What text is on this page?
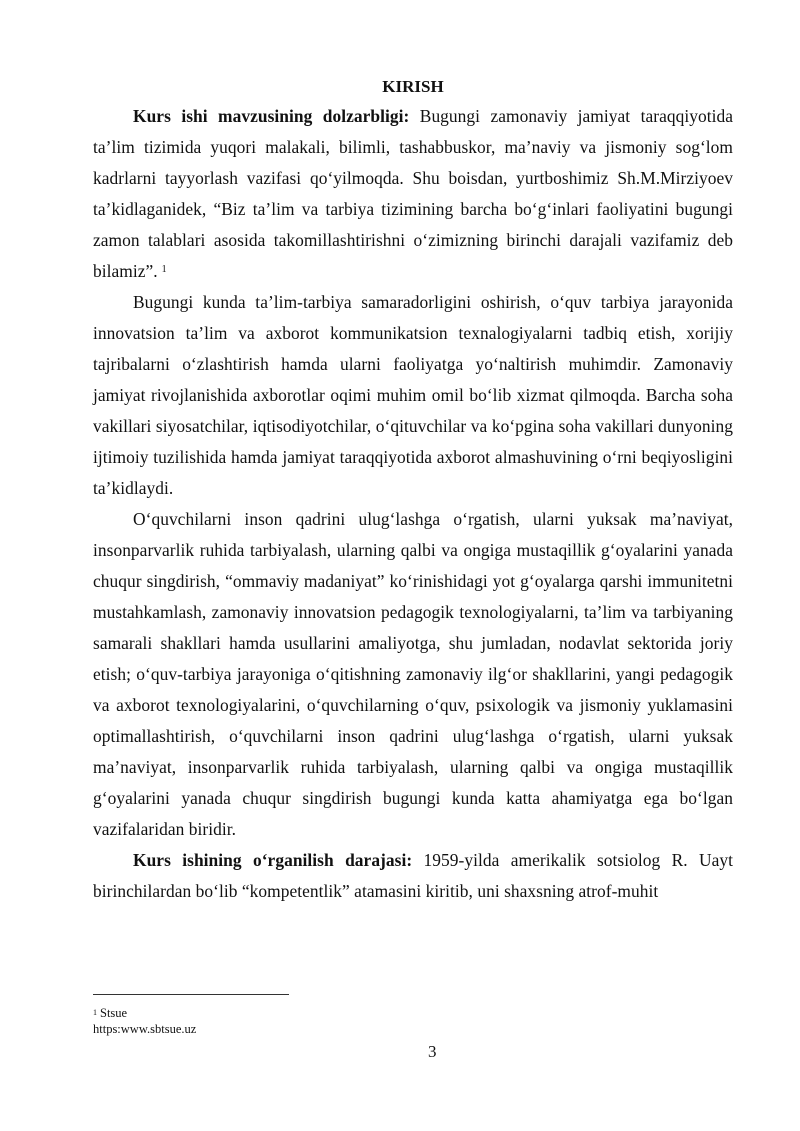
KIRISH

Kurs ishi mavzusining dolzarbligi: Bugungi zamonaviy jamiyat taraqqiyotida ta’lim tizimida yuqori malakali, bilimli, tashabbuskor, ma’naviy va jismoniy sog‘lom kadrlarni tayyorlash vazifasi qo‘yilmoqda. Shu boisdan, yurtboshimiz Sh.M.Mirziyoev ta’kidlaganidek, “Biz ta’lim va tarbiya tizimining barcha bo‘g‘inlari faoliyatini bugungi zamon talablari asosida takomillashtirishni o‘zimizning birinchi darajali vazifamiz deb bilamiz”. $^1$

Bugungi kunda ta’lim-tarbiya samaradorligini oshirish, o‘quv tarbiya jarayonida innovatsion ta’lim va axborot kommunikatsion texnalogiyalarni tadbiq etish, xorijiy tajribalarni o‘zlashtirish hamda ularni faoliyatga yo‘naltirish muhimdir. Zamonaviy jamiyat rivojlanishida axborotlar oqimi muhim omil bo‘lib xizmat qilmoqda. Barcha soha vakillari siyosatchilar, iqtisodiyotchilar, o‘qituvchilar va ko‘pgina soha vakillari dunyoning ijtimoiy tuzilishida hamda jamiyat taraqqiyotida axborot almashuvining o‘rni beqiyosligini ta’kidlaydi.

O‘quvchilarni inson qadrini ulug‘lashga o‘rgatish, ularni yuksak ma’naviyat, insonparvarlik ruhida tarbiyalash, ularning qalbi va ongiga mustaqillik g‘oyalarini yanada chuqur singdirish, “ommaviy madaniyat” ko‘rinishidagi yot g‘oyalarga qarshi immunitetni mustahkamlash, zamonaviy innovatsion pedagogik texnologiyalarni, ta’lim va tarbiyaning samarali shakllari hamda usullarini amaliyotga, shu jumladan, nodavlat sektorida joriy etish; o‘quv-tarbiya jarayoniga o‘qitishning zamonaviy ilg‘or shakllarini, yangi pedagogik va axborot texnologiyalarini, o‘quvchilarning o‘quv, psixologik va jismoniy yuklamasini optimallashtirish, o‘quvchilarni inson qadrini ulug‘lashga o‘rgatish, ularni yuksak ma’naviyat, insonparvarlik ruhida tarbiyalash, ularning qalbi va ongiga mustaqillik g‘oyalarini yanada chuqur singdirish bugungi kunda katta ahamiyatga ega bo‘lgan vazifalaridan biridir.

Kurs ishining o‘rganilish darajasi: 1959-yilda amerikalik sotsiolog R. Uayt birinchilardan bo‘lib “kompetentlik” atamasini kiritib, uni shaxsning atrof-muhit

$^1$ Stsue
https:www.sbtsue.uz
3
